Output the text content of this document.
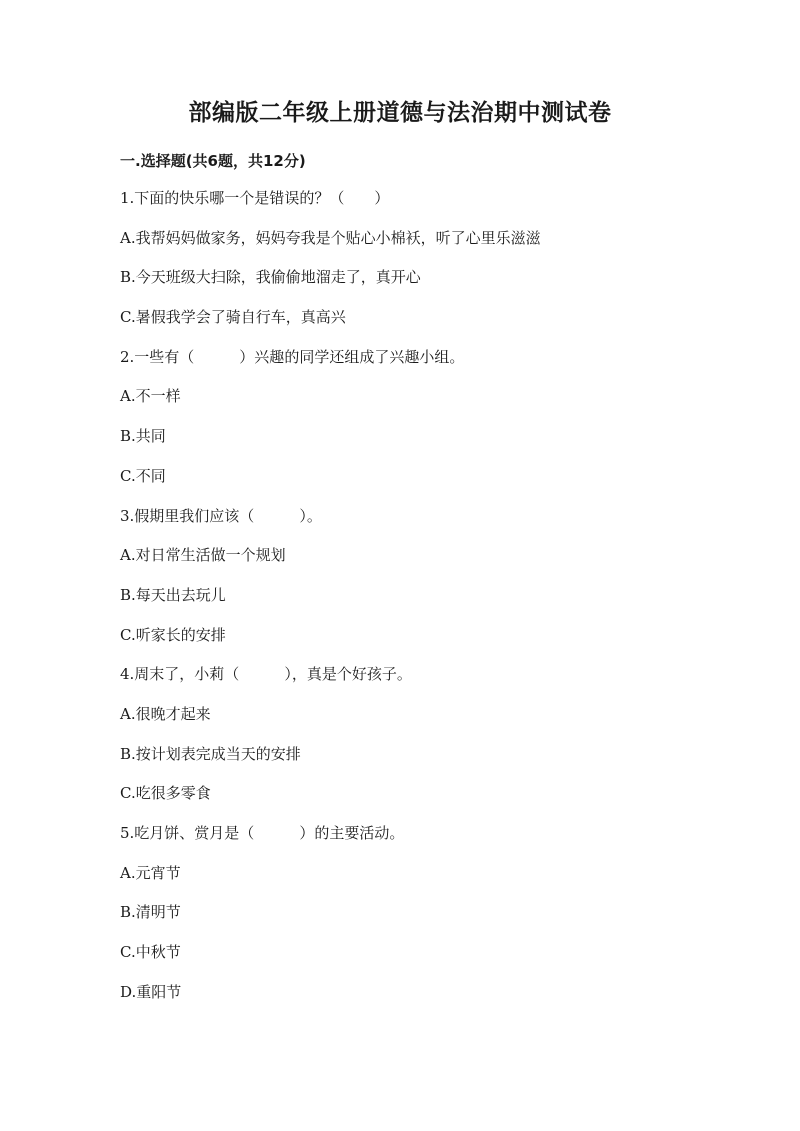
部编版二年级上册道德与法治期中测试卷
一.选择题(共6题，共12分)
1.下面的快乐哪一个是错误的？（　　）
A.我帮妈妈做家务，妈妈夸我是个贴心小棉袄，听了心里乐滋滋
B.今天班级大扫除，我偷偷地溜走了，真开心
C.暑假我学会了骑自行车，真高兴
2.一些有（　　　）兴趣的同学还组成了兴趣小组。
A.不一样
B.共同
C.不同
3.假期里我们应该（　　　）。
A.对日常生活做一个规划
B.每天出去玩儿
C.听家长的安排
4.周末了，小莉（　　　），真是个好孩子。
A.很晚才起来
B.按计划表完成当天的安排
C.吃很多零食
5.吃月饼、赏月是（　　　）的主要活动。
A.元宵节
B.清明节
C.中秋节
D.重阳节
